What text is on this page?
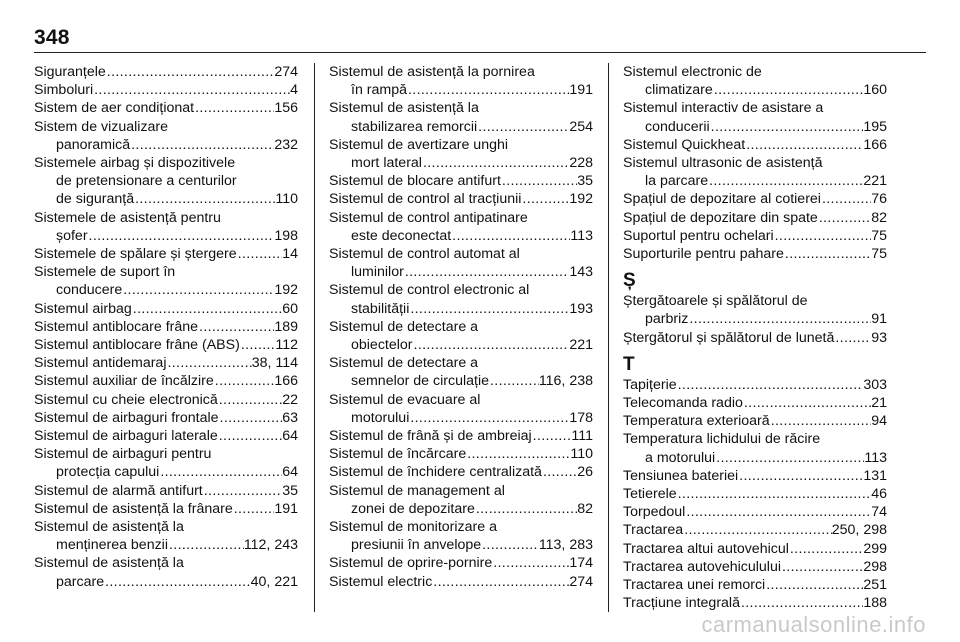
348
Siguranțele . . .	274
Simboluri . . .	4
Sistem de aer condiționat . . .	156
Sistem de vizualizare
panoramică . . .	232
Sistemele airbag și dispozitivele
de pretensionare a centurilor
de siguranță . . .	110
Sistemele de asistență pentru
șofer . . .	198
Sistemele de spălare și ștergere . . .	14
Sistemele de suport în
conducere . . .	192
Sistemul airbag . . .	60
Sistemul antiblocare frâne . . .	189
Sistemul antiblocare frâne (ABS) . . .	112
Sistemul antidemaraj . . .	38, 114
Sistemul auxiliar de încălzire . . .	166
Sistemul cu cheie electronică . . .	22
Sistemul de airbaguri frontale . . .	63
Sistemul de airbaguri laterale . . .	64
Sistemul de airbaguri pentru
protecția capului . . .	64
Sistemul de alarmă antifurt . . .	35
Sistemul de asistență la frânare . . .	191
Sistemul de asistență la
menținerea benzii . . .	112, 243
Sistemul de asistență la
parcare . . .	40, 221
Sistemul de asistență la pornirea
în rampă . . .	191
Sistemul de asistență la
stabilizarea remorcii . . .	254
Sistemul de avertizare unghi
mort lateral . . .	228
Sistemul de blocare antifurt . . .	35
Sistemul de control al tracțiunii . . .	192
Sistemul de control antipatinare
este deconectat . . .	113
Sistemul de control automat al
luminilor . . .	143
Sistemul de control electronic al
stabilității . . .	193
Sistemul de detectare a
obiectelor . . .	221
Sistemul de detectare a
semnelor de circulație . . .	116, 238
Sistemul de evacuare al
motorului . . .	178
Sistemul de frână și de ambreiaj . . .	111
Sistemul de încărcare . . .	110
Sistemul de închidere centralizată . . . 26
Sistemul de management al
zonei de depozitare . . .	82
Sistemul de monitorizare a
presiunii în anvelope . . .	113, 283
Sistemul de oprire-pornire . . .	174
Sistemul electric . . .	274
Sistemul electronic de
climatizare . . .	160
Sistemul interactiv de asistare a
conducerii . . .	195
Sistemul Quickheat . . .	166
Sistemul ultrasonic de asistență
la parcare . . .	221
Spațiul de depozitare al cotierei . . .	76
Spațiul de depozitare din spate . . .	82
Suportul pentru ochelari . . .	75
Suporturile pentru pahare . . .	75
Ș
Ștergătoarele și spălătorul de
parbriz . . .	91
Ștergătorul și spălătorul de lunetă . . .	93
T
Tapițerie . . .	303
Telecomanda radio . . .	21
Temperatura exterioară . . .	94
Temperatura lichidului de răcire
a motorului . . .	113
Tensiunea bateriei . . .	131
Tetierele . . .	46
Torpedoul . . .	74
Tractarea . . .	250, 298
Tractarea altui autovehicul . . .	299
Tractarea autovehiculului . . .	298
Tractarea unei remorci . . .	251
Tracțiune integrală . . .	188
carmanualsonline.info
